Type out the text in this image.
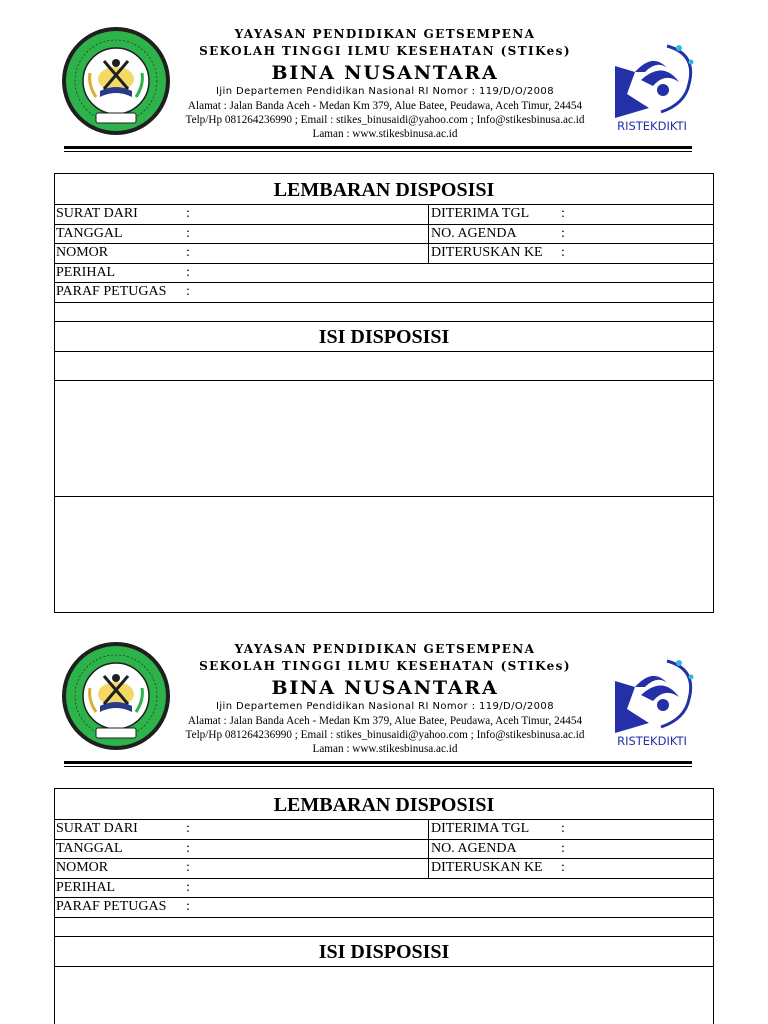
YAYASAN PENDIDIKAN GETSEMPENA
SEKOLAH TINGGI ILMU KESEHATAN (STIKes)
BINA NUSANTARA
Ijin Departemen Pendidikan Nasional RI Nomor : 119/D/O/2008
Alamat : Jalan Banda Aceh - Medan Km 379, Alue Batee, Peudawa, Aceh Timur, 24454
Telp/Hp 081264236990 ; Email : stikes_binusaidi@yahoo.com ; Info@stikesbinusa.ac.id
Laman : www.stikesbinusa.ac.id
RISTEKDIKTI
LEMBARAN DISPOSISI
SURAT DARI	:	DITERIMA TGL	:
TANGGAL	:	NO. AGENDA	:
NOMOR	:	DITERUSKAN KE	:
PERIHAL	:
PARAF PETUGAS	:
ISI DISPOSISI
YAYASAN PENDIDIKAN GETSEMPENA
SEKOLAH TINGGI ILMU KESEHATAN (STIKes)
BINA NUSANTARA
Ijin Departemen Pendidikan Nasional RI Nomor : 119/D/O/2008
Alamat : Jalan Banda Aceh - Medan Km 379, Alue Batee, Peudawa, Aceh Timur, 24454
Telp/Hp 081264236990 ; Email : stikes_binusaidi@yahoo.com ; Info@stikesbinusa.ac.id
Laman : www.stikesbinusa.ac.id
RISTEKDIKTI
LEMBARAN DISPOSISI
SURAT DARI	:	DITERIMA TGL	:
TANGGAL	:	NO. AGENDA	:
NOMOR	:	DITERUSKAN KE	:
PERIHAL	:
PARAF PETUGAS	:
ISI DISPOSISI
